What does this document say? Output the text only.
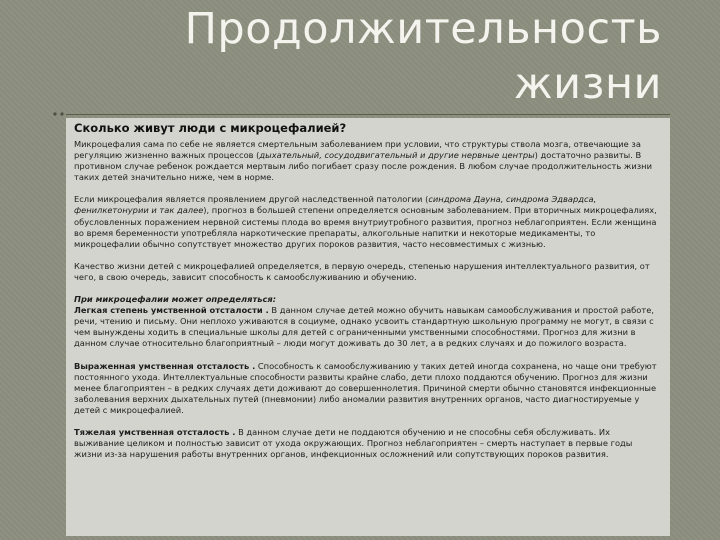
Продолжительность
жизни
Сколько живут люди с микроцефалией?

Микроцефалия сама по себе не является смертельным заболеванием при условии, что структуры ствола мозга, отвечающие за регуляцию жизненно важных процессов (дыхательный, сосудодвигательный и другие нервные центры) достаточно развиты. В противном случае ребенок рождается мертвым либо погибает сразу после рождения. В любом случае продолжительность жизни таких детей значительно ниже, чем в норме.

Если микроцефалия является проявлением другой наследственной патологии (синдрома Дауна, синдрома Эдвардса, фенилкетонурии и так далее), прогноз в большей степени определяется основным заболеванием. При вторичных микроцефалиях, обусловленных поражением нервной системы плода во время внутриутробного развития, прогноз неблагоприятен. Если женщина во время беременности употребляла наркотические препараты, алкогольные напитки и некоторые медикаменты, то микроцефалии обычно сопутствует множество других пороков развития, часто несовместимых с жизнью.

Качество жизни детей с микроцефалией определяется, в первую очередь, степенью нарушения интеллектуального развития, от чего, в свою очередь, зависит способность к самообслуживанию и обучению.

При микроцефалии может определяться:
Легкая степень умственной отсталости . В данном случае детей можно обучить навыкам самообслуживания и простой работе, речи, чтению и письму. Они неплохо уживаются в социуме, однако усвоить стандартную школьную программу не могут, в связи с чем вынуждены ходить в специальные школы для детей с ограниченными умственными способностями. Прогноз для жизни в данном случае относительно благоприятный – люди могут доживать до 30 лет, а в редких случаях и до пожилого возраста.

Выраженная умственная отсталость . Способность к самообслуживанию у таких детей иногда сохранена, но чаще они требуют постоянного ухода. Интеллектуальные способности развиты крайне слабо, дети плохо поддаются обучению. Прогноз для жизни менее благоприятен – в редких случаях дети доживают до совершеннолетия. Причиной смерти обычно становятся инфекционные заболевания верхних дыхательных путей (пневмонии) либо аномалии развития внутренних органов, часто диагностируемые у детей с микроцефалией.

Тяжелая умственная отсталость . В данном случае дети не поддаются обучению и не способны себя обслуживать. Их выживание целиком и полностью зависит от ухода окружающих. Прогноз неблагоприятен – смерть наступает в первые годы жизни из-за нарушения работы внутренних органов, инфекционных осложнений или сопутствующих пороков развития.
